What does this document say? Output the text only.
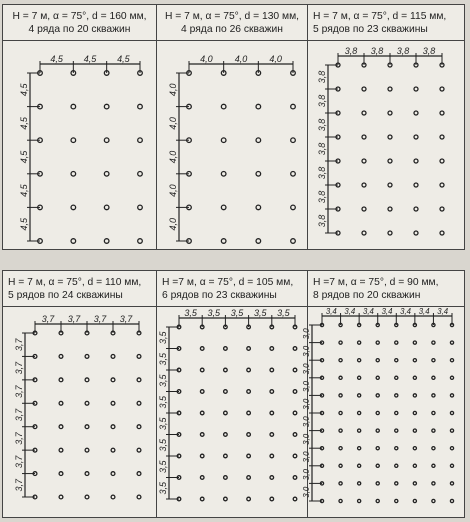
H = 7 м, α = 75°, d = 160 мм,
4 ряда по 20 скважин
4,5 4,5 4,5
4,5
4,5
4,5
4,5
4,5
H = 7 м, α = 75°, d = 130 мм,
4 ряда по 26 скважин
4,0 4,0 4,0
4,0
4,0
4,0
4,0
4,0
H = 7 м, α = 75°, d = 115 мм,
5 рядов по 23 скважины
3,8 3,8 3,8 3,8
3,8
3,8
3,8
3,8
3,8
3,8
3,8
H = 7 м, α = 75°, d = 110 мм,
5 рядов по 24 скважины
3,7 3,7 3,7 3,7
3,7
3,7
3,7
3,7
3,7
3,7
3,7
H =7 м, α = 75°, d = 105 мм,
6 рядов по 23 скважины
3,5 3,5 3,5 3,5 3,5
3,5
3,5
3,5
3,5
3,5
3,5
3,5
3,5
H =7 м, α = 75°, d = 90 мм,
8 рядов по 20 скважин
3,4 3,4 3,4 3,4 3,4 3,4 3,4
3,0
3,0
3,0
3,0
3,0
3,0
3,0
3,0
3,0
3,0
